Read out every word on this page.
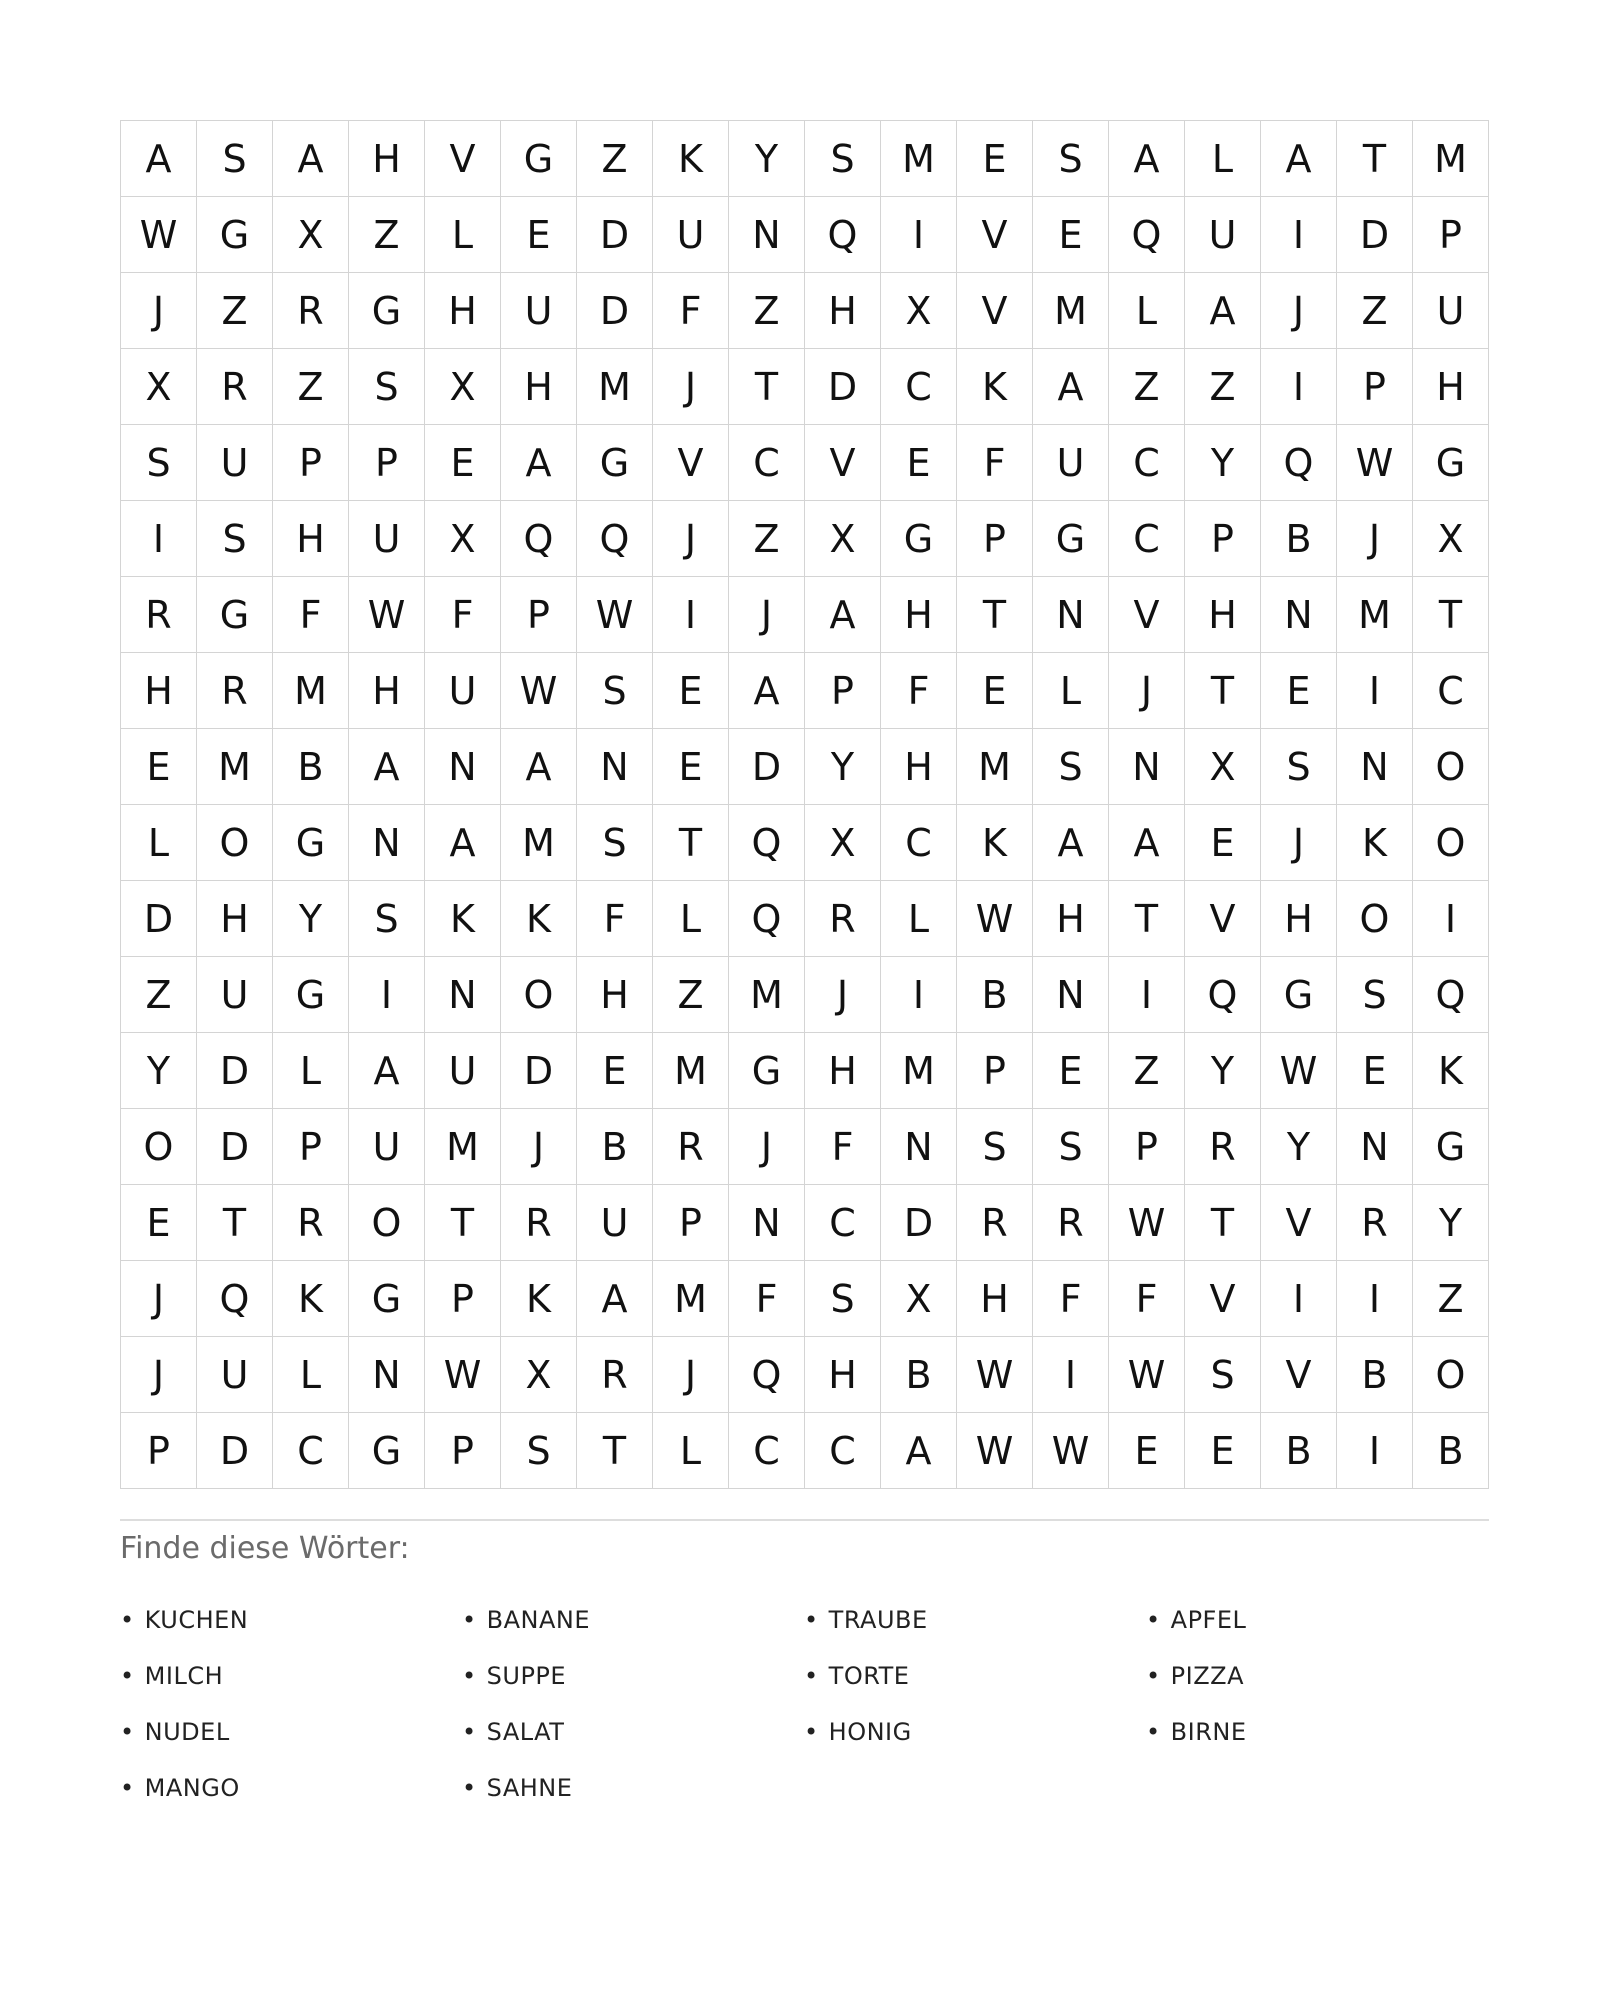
A	S	A	H	V	G	Z	K	Y	S	M	E	S	A	L	A	T	M
W	G	X	Z	L	E	D	U	N	Q	I	V	E	Q	U	I	D	P
J	Z	R	G	H	U	D	F	Z	H	X	V	M	L	A	J	Z	U
X	R	Z	S	X	H	M	J	T	D	C	K	A	Z	Z	I	P	H
S	U	P	P	E	A	G	V	C	V	E	F	U	C	Y	Q	W	G
I	S	H	U	X	Q	Q	J	Z	X	G	P	G	C	P	B	J	X
R	G	F	W	F	P	W	I	J	A	H	T	N	V	H	N	M	T
H	R	M	H	U	W	S	E	A	P	F	E	L	J	T	E	I	C
E	M	B	A	N	A	N	E	D	Y	H	M	S	N	X	S	N	O
L	O	G	N	A	M	S	T	Q	X	C	K	A	A	E	J	K	O
D	H	Y	S	K	K	F	L	Q	R	L	W	H	T	V	H	O	I
Z	U	G	I	N	O	H	Z	M	J	I	B	N	I	Q	G	S	Q
Y	D	L	A	U	D	E	M	G	H	M	P	E	Z	Y	W	E	K
O	D	P	U	M	J	B	R	J	F	N	S	S	P	R	Y	N	G
E	T	R	O	T	R	U	P	N	C	D	R	R	W	T	V	R	Y
J	Q	K	G	P	K	A	M	F	S	X	H	F	F	V	I	I	Z
J	U	L	N	W	X	R	J	Q	H	B	W	I	W	S	V	B	O
P	D	C	G	P	S	T	L	C	C	A	W	W	E	E	B	I	B
Finde diese Wörter:
• KUCHEN	• BANANE	• TRAUBE	• APFEL
• MILCH	• SUPPE	• TORTE	• PIZZA
• NUDEL	• SALAT	• HONIG	• BIRNE
• MANGO	• SAHNE
